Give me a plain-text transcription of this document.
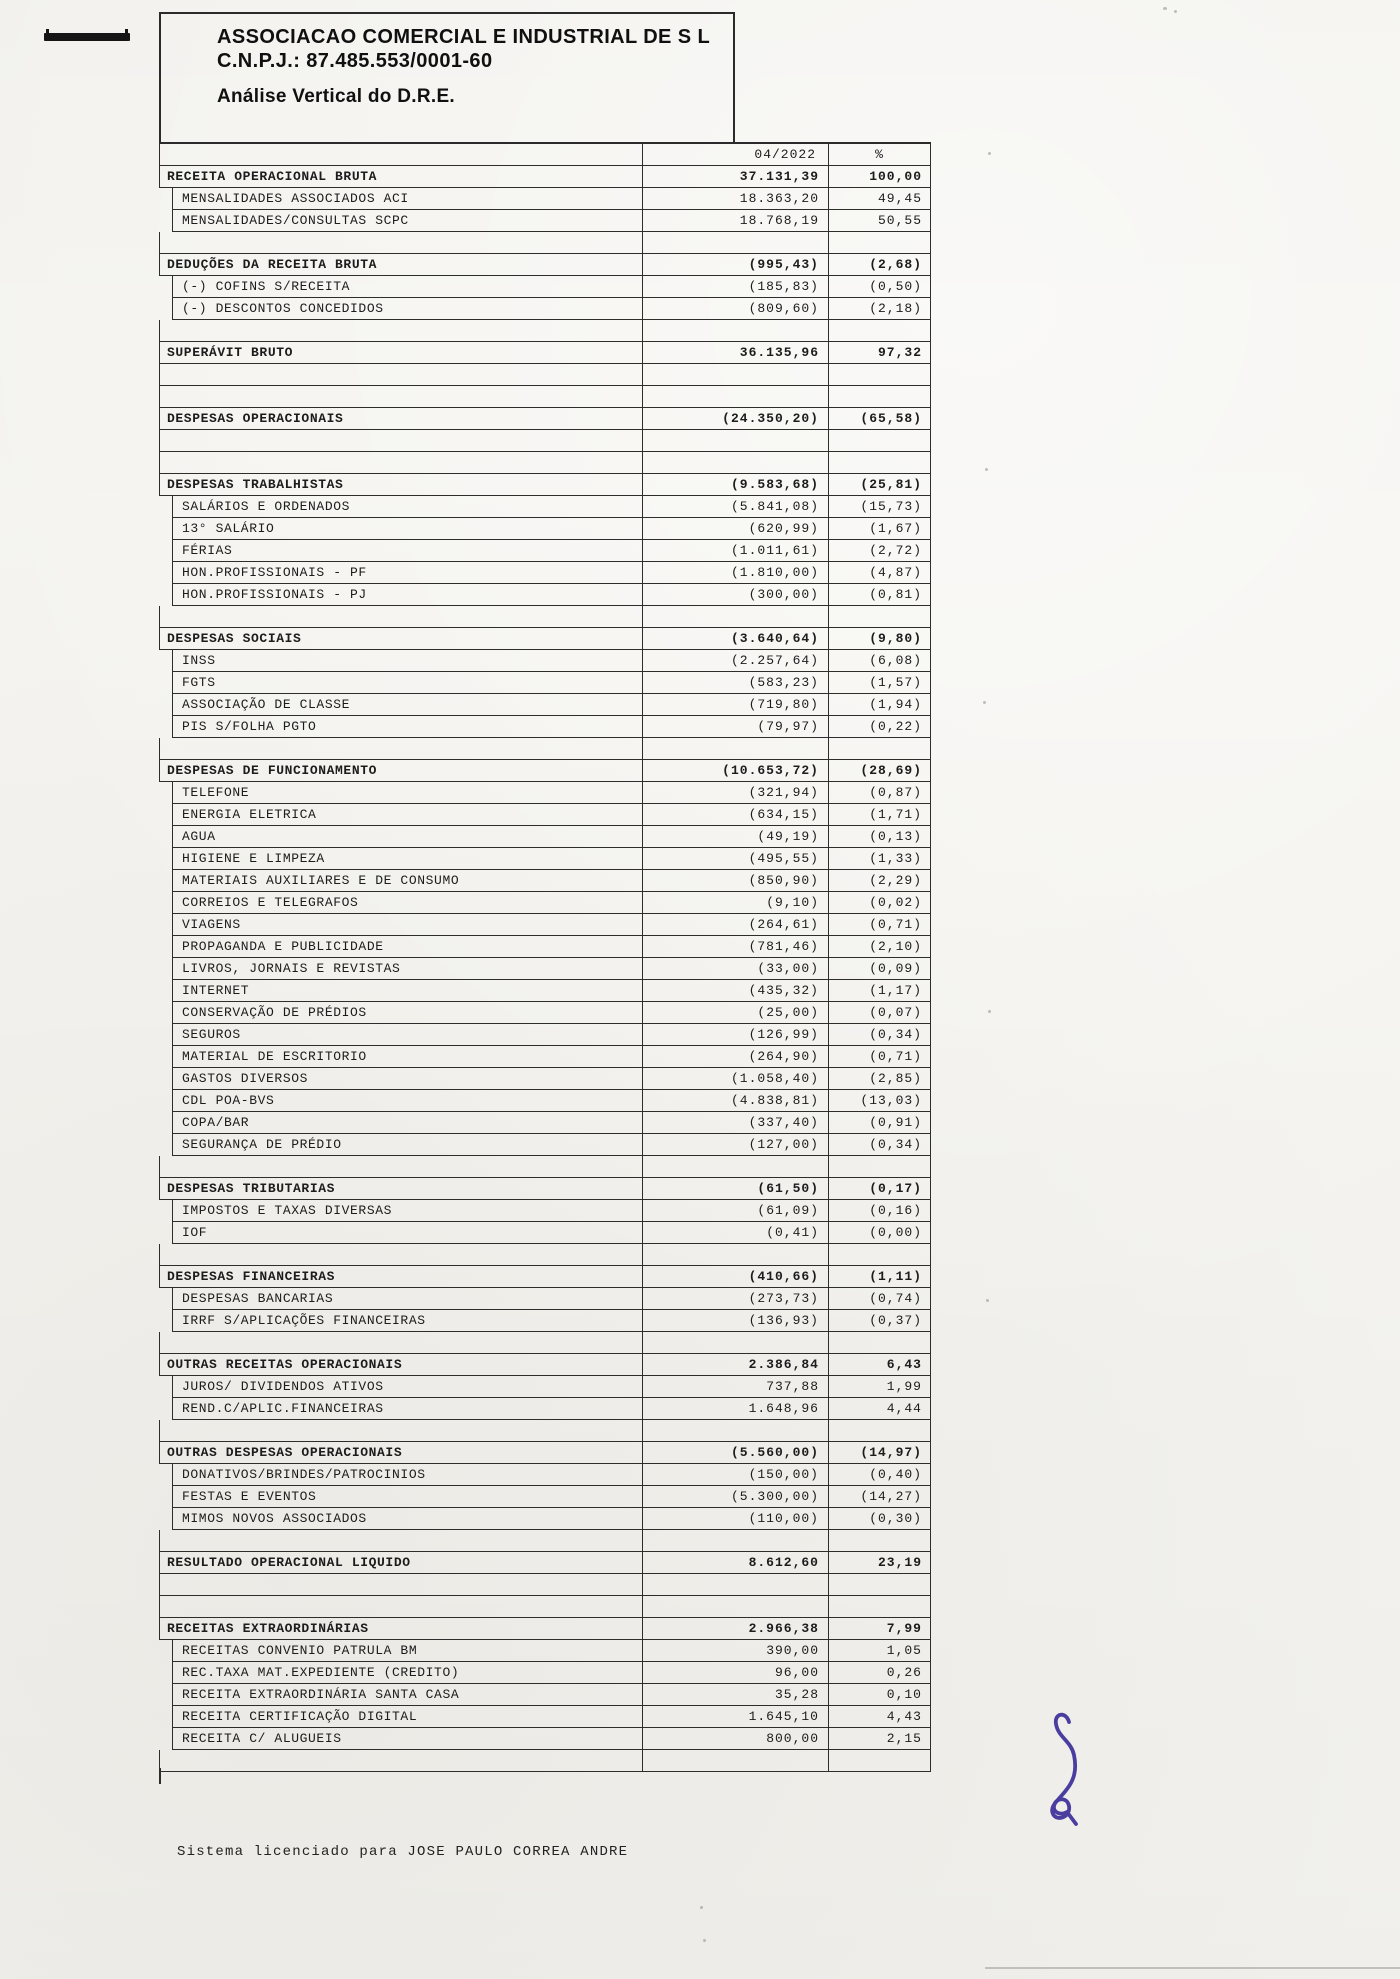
ASSOCIACAO COMERCIAL E INDUSTRIAL DE S L
C.N.P.J.: 87.485.553/0001-60
Análise Vertical do D.R.E.
04/2022	%
RECEITA OPERACIONAL BRUTA	37.131,39	100,00
MENSALIDADES ASSOCIADOS ACI	18.363,20	49,45
MENSALIDADES/CONSULTAS SCPC	18.768,19	50,55
DEDUÇÕES DA RECEITA BRUTA	(995,43)	(2,68)
(-) COFINS S/RECEITA	(185,83)	(0,50)
(-) DESCONTOS CONCEDIDOS	(809,60)	(2,18)
SUPERÁVIT BRUTO	36.135,96	97,32
DESPESAS OPERACIONAIS	(24.350,20)	(65,58)
DESPESAS TRABALHISTAS	(9.583,68)	(25,81)
SALÁRIOS E ORDENADOS	(5.841,08)	(15,73)
13° SALÁRIO	(620,99)	(1,67)
FÉRIAS	(1.011,61)	(2,72)
HON.PROFISSIONAIS - PF	(1.810,00)	(4,87)
HON.PROFISSIONAIS - PJ	(300,00)	(0,81)
DESPESAS SOCIAIS	(3.640,64)	(9,80)
INSS	(2.257,64)	(6,08)
FGTS	(583,23)	(1,57)
ASSOCIAÇÃO DE CLASSE	(719,80)	(1,94)
PIS S/FOLHA PGTO	(79,97)	(0,22)
DESPESAS DE FUNCIONAMENTO	(10.653,72)	(28,69)
TELEFONE	(321,94)	(0,87)
ENERGIA ELETRICA	(634,15)	(1,71)
AGUA	(49,19)	(0,13)
HIGIENE E LIMPEZA	(495,55)	(1,33)
MATERIAIS AUXILIARES E DE CONSUMO	(850,90)	(2,29)
CORREIOS E TELEGRAFOS	(9,10)	(0,02)
VIAGENS	(264,61)	(0,71)
PROPAGANDA E PUBLICIDADE	(781,46)	(2,10)
LIVROS, JORNAIS E REVISTAS	(33,00)	(0,09)
INTERNET	(435,32)	(1,17)
CONSERVAÇÃO DE PRÉDIOS	(25,00)	(0,07)
SEGUROS	(126,99)	(0,34)
MATERIAL DE ESCRITORIO	(264,90)	(0,71)
GASTOS DIVERSOS	(1.058,40)	(2,85)
CDL POA-BVS	(4.838,81)	(13,03)
COPA/BAR	(337,40)	(0,91)
SEGURANÇA DE PRÉDIO	(127,00)	(0,34)
DESPESAS TRIBUTARIAS	(61,50)	(0,17)
IMPOSTOS E TAXAS DIVERSAS	(61,09)	(0,16)
IOF	(0,41)	(0,00)
DESPESAS FINANCEIRAS	(410,66)	(1,11)
DESPESAS BANCARIAS	(273,73)	(0,74)
IRRF S/APLICAÇÕES FINANCEIRAS	(136,93)	(0,37)
OUTRAS RECEITAS OPERACIONAIS	2.386,84	6,43
JUROS/ DIVIDENDOS ATIVOS	737,88	1,99
REND.C/APLIC.FINANCEIRAS	1.648,96	4,44
OUTRAS DESPESAS OPERACIONAIS	(5.560,00)	(14,97)
DONATIVOS/BRINDES/PATROCINIOS	(150,00)	(0,40)
FESTAS E EVENTOS	(5.300,00)	(14,27)
MIMOS NOVOS ASSOCIADOS	(110,00)	(0,30)
RESULTADO OPERACIONAL LIQUIDO	8.612,60	23,19
RECEITAS EXTRAORDINÁRIAS	2.966,38	7,99
RECEITAS CONVENIO PATRULA BM	390,00	1,05
REC.TAXA MAT.EXPEDIENTE (CREDITO)	96,00	0,26
RECEITA EXTRAORDINÁRIA SANTA CASA	35,28	0,10
RECEITA CERTIFICAÇÃO DIGITAL	1.645,10	4,43
RECEITA C/ ALUGUEIS	800,00	2,15
Sistema licenciado para JOSE PAULO CORREA ANDRE
